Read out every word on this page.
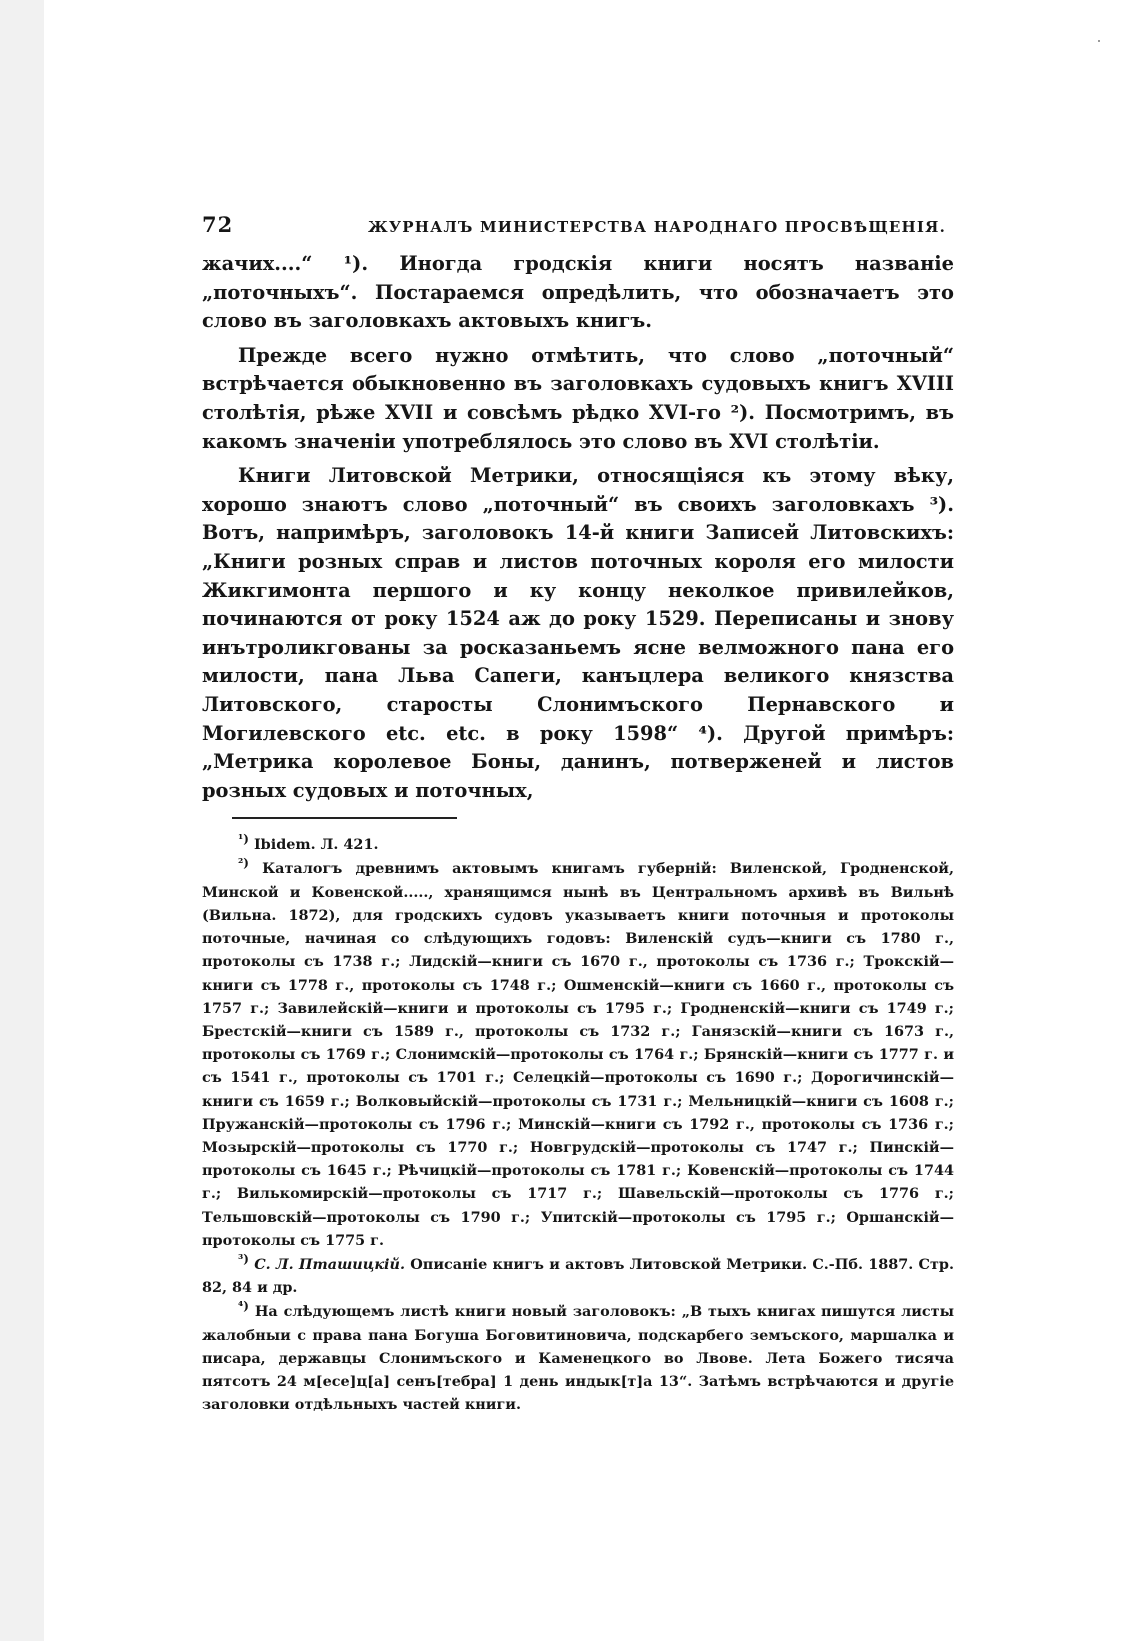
72	ЖУРНАЛЪ МИНИСТЕРСТВА НАРОДНАГО ПРОСВѢЩЕНІЯ.

жачих....“ ¹). Иногда гродскія книги носятъ названіе „поточныхъ“. Постараемся опредѣлить, что обозначаетъ это слово въ заголовкахъ актовыхъ книгъ.

Прежде всего нужно отмѣтить, что слово „поточный“ встрѣчается обыкновенно въ заголовкахъ судовыхъ книгъ XVIII столѣтія, рѣже XVII и совсѣмъ рѣдко XVI-го ²). Посмотримъ, въ какомъ значеніи употреблялось это слово въ XVI столѣтіи.

Книги Литовской Метрики, относящіяся къ этому вѣку, хорошо знаютъ слово „поточный“ въ своихъ заголовкахъ ³). Вотъ, напримѣръ, заголовокъ 14-й книги Записей Литовскихъ: „Книги розных справ и листов поточных короля его милости Жикгимонта першого и ку концу неколкое привилейков, починаются от року 1524 аж до року 1529. Переписаны и знову инътроликгованы за росказаньемъ ясне велможного пана его милости, пана Льва Сапеги, канъцлера великого князства Литовского, старосты Слонимъского Пернавского и Могилевского etc. etc. в року 1598“ ⁴). Другой примѣръ: „Метрика королевое Боны, данинъ, потверженей и листов розных судовых и поточных,

$^{^1)}$ Ibidem. Л. 421.

$^{^2)}$ Каталогъ древнимъ актовымъ книгамъ губерній: Виленской, Гродненской, Минской и Ковенской....., хранящимся нынѣ въ Центральномъ архивѣ въ Вильнѣ (Вильна. 1872), для гродскихъ судовъ указываетъ книги поточныя и протоколы поточные, начиная со слѣдующихъ годовъ: Виленскій судъ—книги съ 1780 г., протоколы съ 1738 г.; Лидскій—книги съ 1670 г., протоколы съ 1736 г.; Трокскій—книги съ 1778 г., протоколы съ 1748 г.; Ошменскій—книги съ 1660 г., протоколы съ 1757 г.; Завилейскій—книги и протоколы съ 1795 г.; Гродненскій—книги съ 1749 г.; Брестскій—книги съ 1589 г., протоколы съ 1732 г.; Ганязскій—книги съ 1673 г., протоколы съ 1769 г.; Слонимскій—протоколы съ 1764 г.; Брянскій—книги съ 1777 г. и съ 1541 г., протоколы съ 1701 г.; Селецкій—протоколы съ 1690 г.; Дорогичинскій—книги съ 1659 г.; Волковыйскій—протоколы съ 1731 г.; Мельницкій—книги съ 1608 г.; Пружанскій—протоколы съ 1796 г.; Минскій—книги съ 1792 г., протоколы съ 1736 г.; Мозырскій—протоколы съ 1770 г.; Новгрудскій—протоколы съ 1747 г.; Пинскій—протоколы съ 1645 г.; Рѣчицкій—протоколы съ 1781 г.; Ковенскій—протоколы съ 1744 г.; Вилькомирскій—протоколы съ 1717 г.; Шавельскій—протоколы съ 1776 г.; Тельшовскій—протоколы съ 1790 г.; Упитскій—протоколы съ 1795 г.; Оршанскій—протоколы съ 1775 г.

$^{^3)}$ С. Л. Пташицкій. Описаніе книгъ и актовъ Литовской Метрики. С.-Пб. 1887. Стр. 82, 84 и др.

$^{^4)}$ На слѣдующемъ листѣ книги новый заголовокъ: „В тыхъ книгах пишутся листы жалобныи с права пана Богуша Боговитиновича, подскарбего земъского, маршалка и писара, державцы Слонимъского и Каменецкого во Лвове. Лета Божего тисяча пятсотъ 24 м[есе]ц[а] сенъ[тебра] 1 день индык[т]а 13“. Затѣмъ встрѣчаются и другіе заголовки отдѣльныхъ частей книги.
